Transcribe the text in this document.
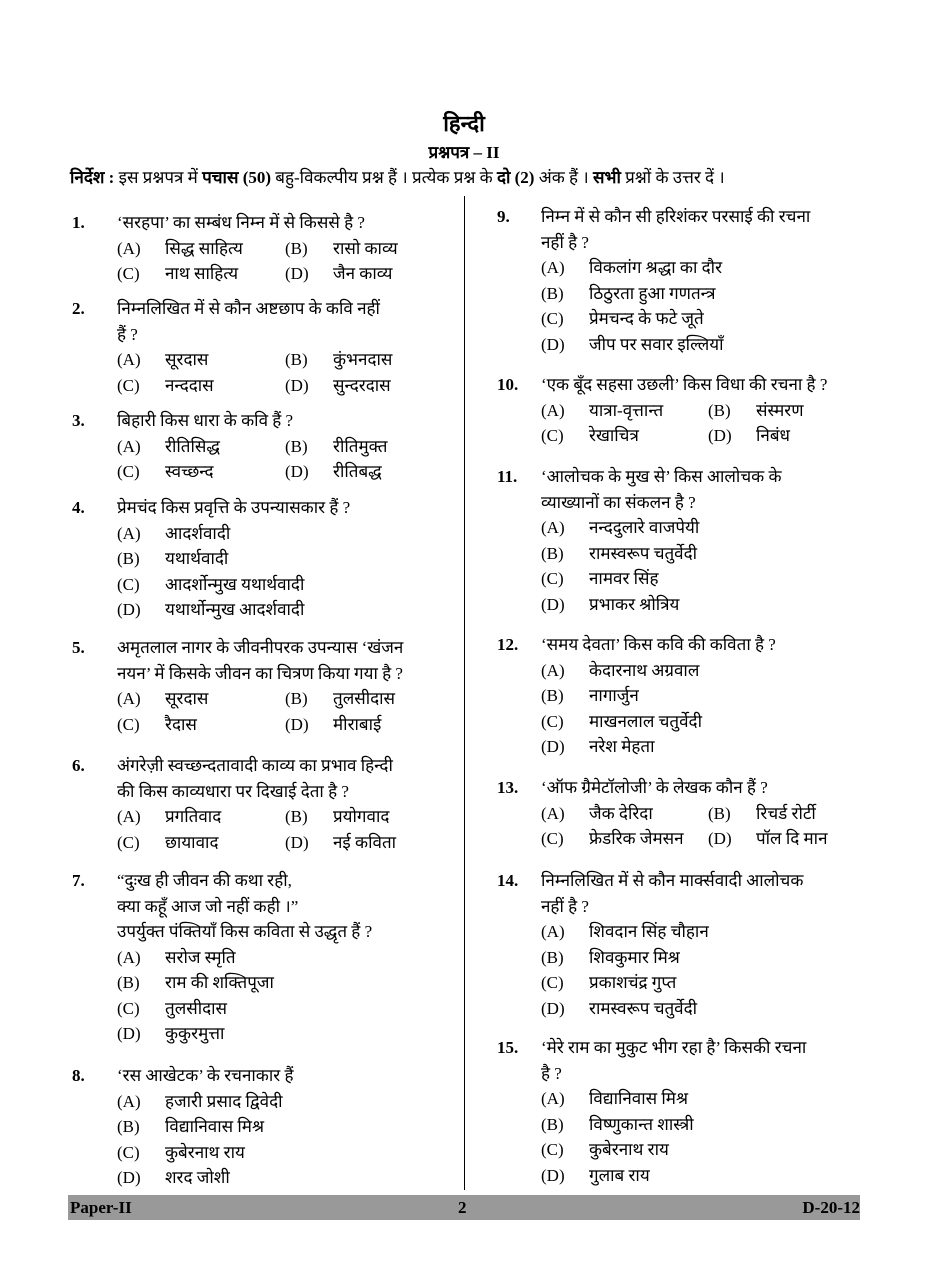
हिन्दी
प्रश्नपत्र – II
निर्देश : इस प्रश्नपत्र में पचास (50) बहु-विकल्पीय प्रश्न हैं । प्रत्येक प्रश्न के दो (2) अंक हैं । सभी प्रश्नों के उत्तर दें ।
1. ‘सरहपा’ का सम्बंध निम्न में से किससे है ?
(A) सिद्ध साहित्य (B) रासो काव्य
(C) नाथ साहित्य	(D) जैन काव्य
2. निम्नलिखित में से कौन अष्टछाप के कवि नहीं
हैं ?
(A) सूरदास	(B) कुंभनदास
(C) नन्ददास	(D) सुन्दरदास
3. बिहारी किस धारा के कवि हैं ?
(A) रीतिसिद्ध	(B) रीतिमुक्त
(C) स्वच्छन्द	(D) रीतिबद्ध
4. प्रेमचंद किस प्रवृत्ति के उपन्यासकार हैं ?
(A) आदर्शवादी
(B) यथार्थवादी
(C) आदर्शोन्मुख यथार्थवादी
(D) यथार्थोन्मुख आदर्शवादी
5. अमृतलाल नागर के जीवनीपरक उपन्यास ‘खंजन
नयन’ में किसके जीवन का चित्रण किया गया है ?
(A) सूरदास	(B) तुलसीदास
(C) रैदास	(D) मीराबाई
6. अंगरेज़ी स्वच्छन्दतावादी काव्य का प्रभाव हिन्दी
की किस काव्यधारा पर दिखाई देता है ?
(A) प्रगतिवाद	(B) प्रयोगवाद
(C) छायावाद	(D) नई कविता
7. “दुःख ही जीवन की कथा रही,
क्या कहूँ आज जो नहीं कही ।”
उपर्युक्त पंक्तियाँ किस कविता से उद्धृत हैं ?
(A) सरोज स्मृति
(B) राम की शक्तिपूजा
(C) तुलसीदास
(D) कुकुरमुत्ता
8. ‘रस आखेटक’ के रचनाकार हैं
(A) हजारी प्रसाद द्विवेदी
(B) विद्यानिवास मिश्र
(C) कुबेरनाथ राय
(D) शरद जोशी
9. निम्न में से कौन सी हरिशंकर परसाई की रचना
नहीं है ?
(A) विकलांग श्रद्धा का दौर
(B) ठिठुरता हुआ गणतन्त्र
(C) प्रेमचन्द के फटे जूते
(D) जीप पर सवार इल्लियाँ
10. ‘एक बूँद सहसा उछली’ किस विधा की रचना है ?
(A) यात्रा-वृत्तान्त	(B) संस्मरण
(C) रेखाचित्र	(D) निबंध
11. ‘आलोचक के मुख से’ किस आलोचक के
व्याख्यानों का संकलन है ?
(A) नन्ददुलारे वाजपेयी
(B) रामस्वरूप चतुर्वेदी
(C) नामवर सिंह
(D) प्रभाकर श्रोत्रिय
12. ‘समय देवता’ किस कवि की कविता है ?
(A) केदारनाथ अग्रवाल
(B) नागार्जुन
(C) माखनलाल चतुर्वेदी
(D) नरेश मेहता
13. ‘ऑफ ग्रैमेटॉलोजी’ के लेखक कौन हैं ?
(A) जैक देरिदा	(B) रिचर्ड रोर्टी
(C) फ्रेडरिक जेमसन (D) पॉल दि मान
14. निम्नलिखित में से कौन मार्क्सवादी आलोचक
नहीं है ?
(A) शिवदान सिंह चौहान
(B) शिवकुमार मिश्र
(C) प्रकाशचंद्र गुप्त
(D) रामस्वरूप चतुर्वेदी
15. ‘मेरे राम का मुकुट भीग रहा है’ किसकी रचना
है ?
(A) विद्यानिवास मिश्र
(B) विष्णुकान्त शास्त्री
(C) कुबेरनाथ राय
(D) गुलाब राय
Paper-II	2	D-20-12
